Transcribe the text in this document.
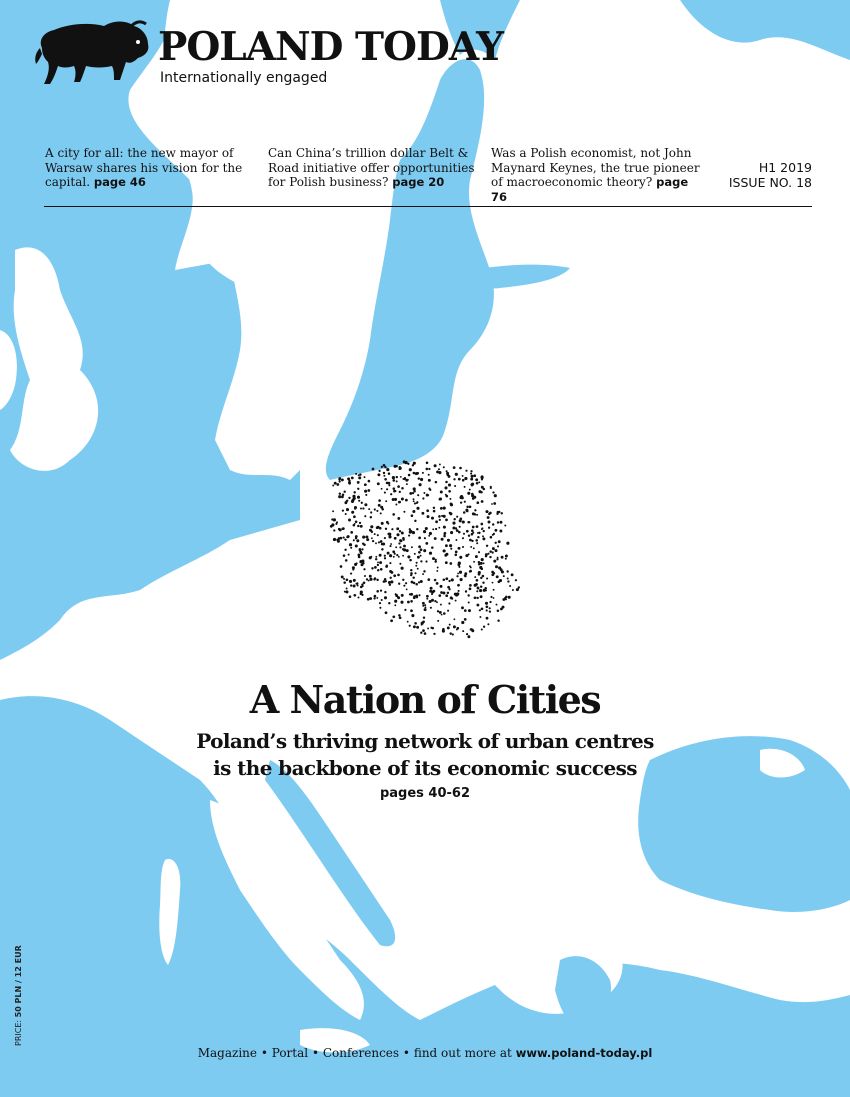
POLAND TODAY
Internationally engaged
A city for all: the new mayor of Warsaw shares his vision for the capital. page 46
Can China’s trillion dollar Belt & Road initiative offer opportunities for Polish business? page 20
Was a Polish economist, not John Maynard Keynes, the true pioneer of macroeconomic theory? page 76
H1 2019
ISSUE NO. 18
A Nation of Cities
Poland’s thriving network of urban centres
is the backbone of its economic success
pages 40-62
PRICE: 50 PLN / 12 EUR
Magazine • Portal • Conferences • find out more at www.poland-today.pl
